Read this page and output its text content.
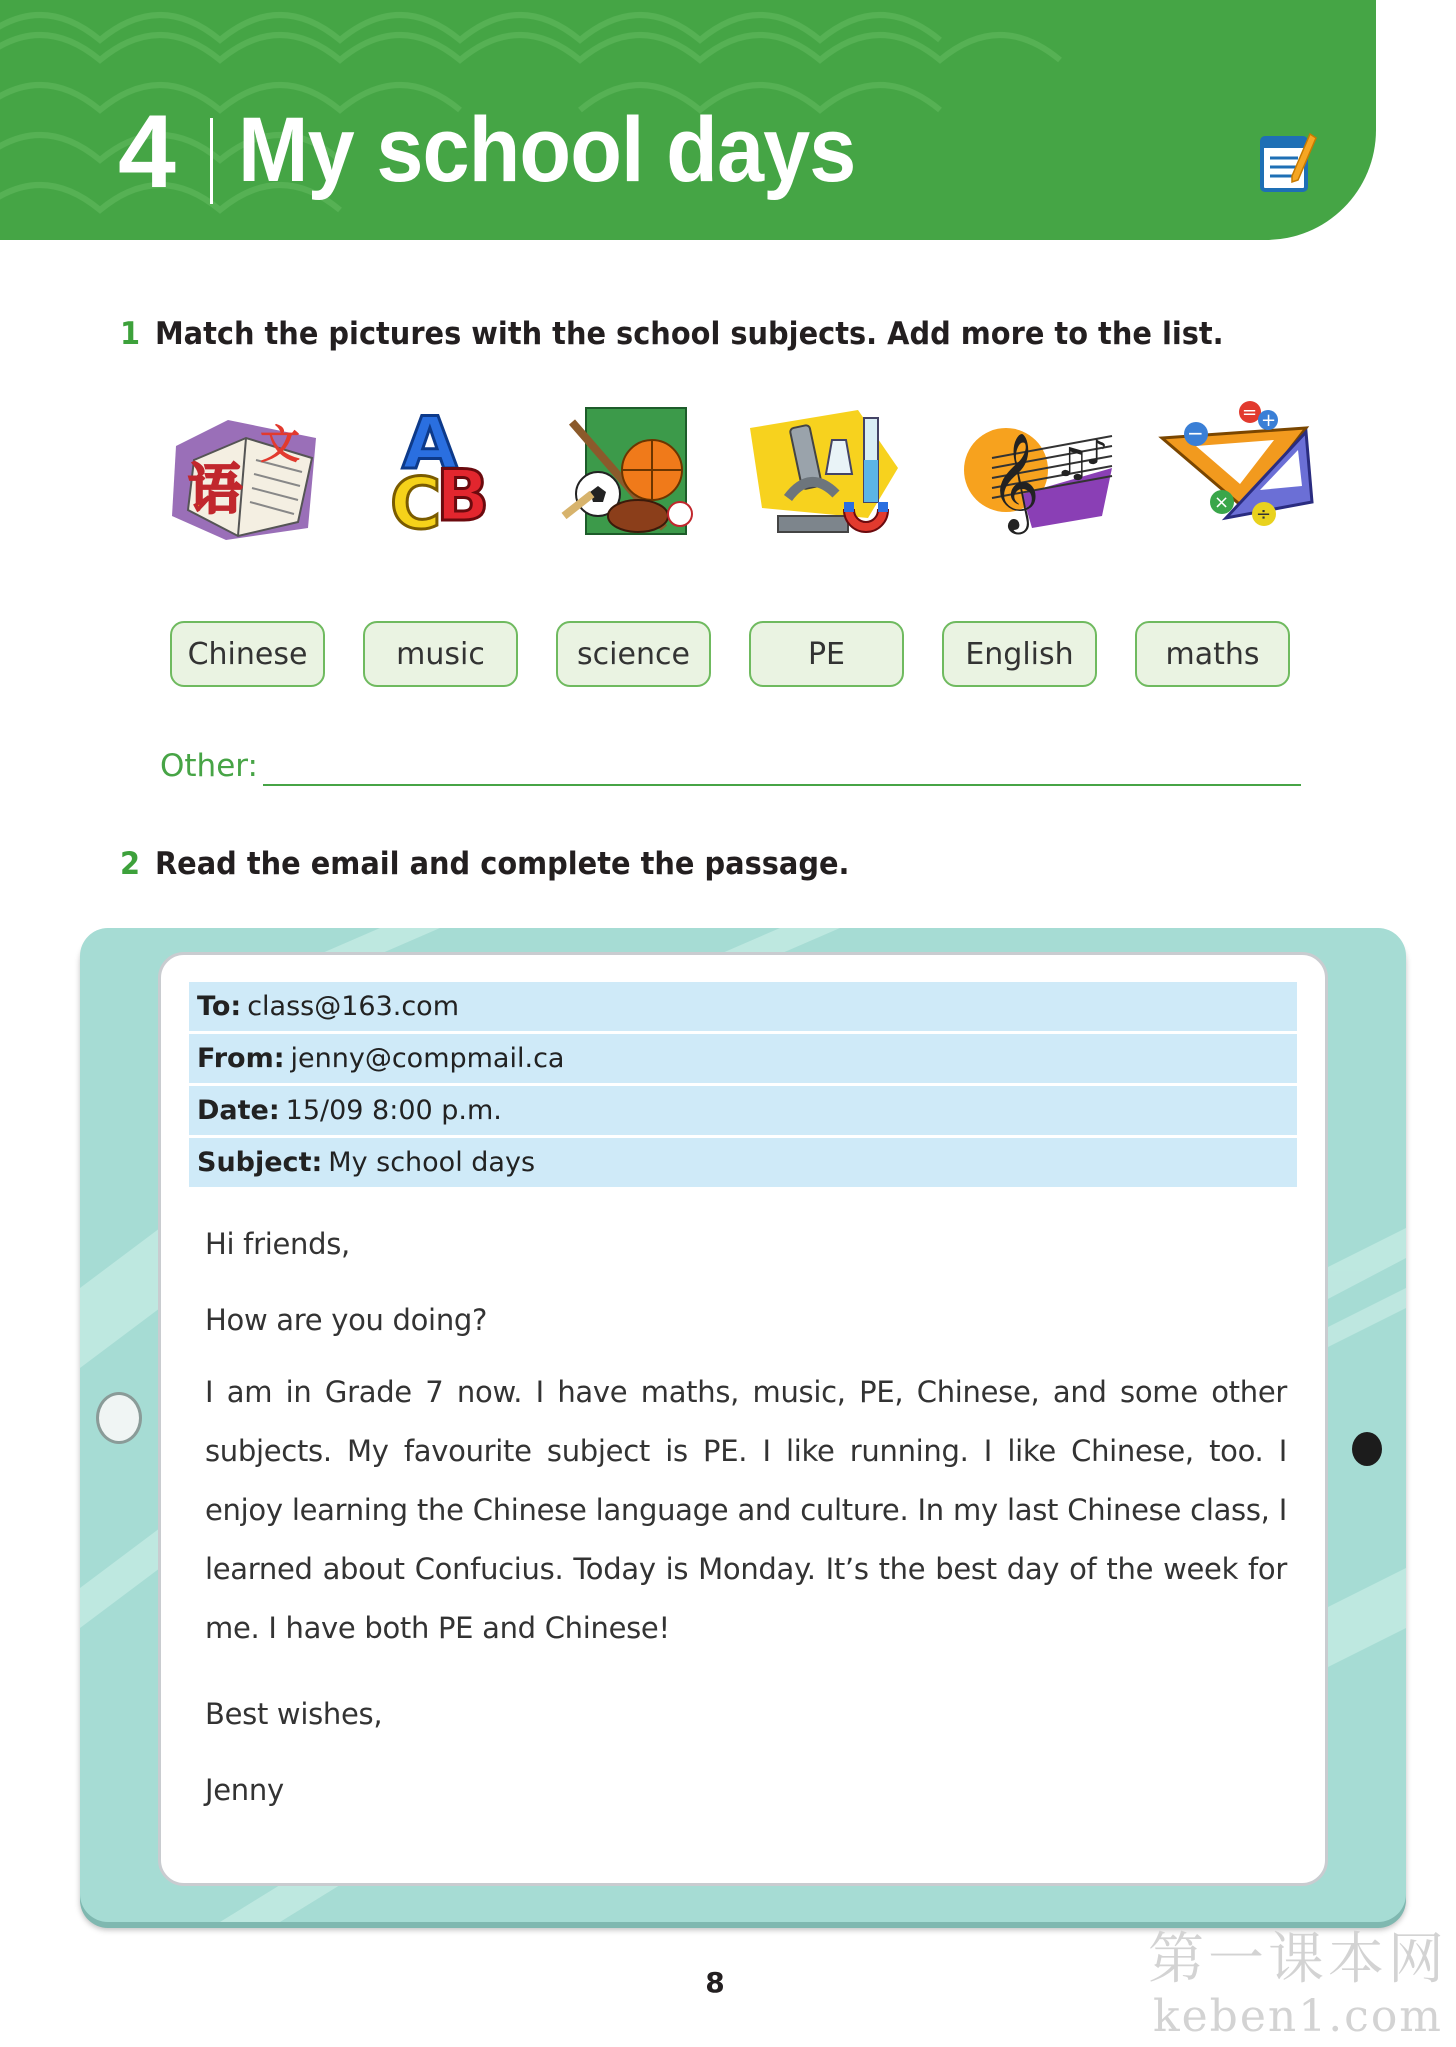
4 My school days
1 Match the pictures with the school subjects. Add more to the list.
语
文 A
C
B	𝄞 ♫
♪	−
= +
×
÷
Chinese	music	science	PE	English	maths
Other:
2 Read the email and complete the passage.
To: class@163.com
From: jenny@compmail.ca
Date: 15/09 8:00 p.m.
Subject: My school days
Hi friends,
How are you doing?
I am in Grade 7 now. I have maths, music, PE, Chinese, and some other subjects. My favourite subject is PE. I like running. I like Chinese, too. I enjoy learning the Chinese language and culture. In my last Chinese class, I learned about Confucius. Today is Monday. It’s the best day of the week for me. I have both PE and Chinese!
Best wishes,
Jenny
8	第一课本网
keben1.com
